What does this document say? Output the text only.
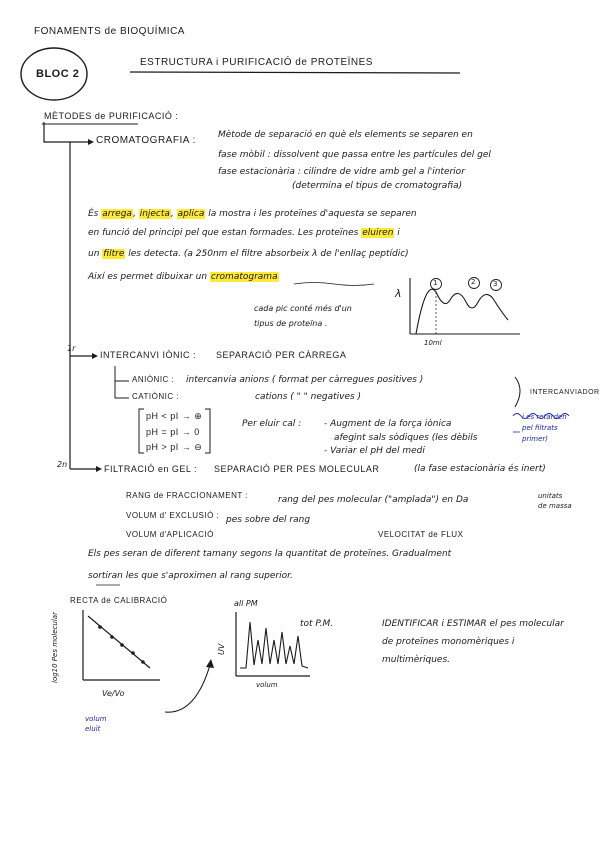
FONAMENTS de BIOQUÍMICA
BLOC 2
ESTRUCTURA i PURIFICACIÓ de PROTEÏNES
MÈTODES de PURIFICACIÓ :
CROMATOGRAFIA : Mètode de separació en què els elements se separen en
fase mòbil : dissolvent que passa entre les partícules del gel
fase estacionària : cilindre de vidre amb gel a l'interior
(determina el tipus de cromatografia)
És arrega, injecta, aplica la mostra i les proteïnes d'aquesta se separen
en funció del principi pel que estan formades. Les proteïnes eluiren i
un filtre les detecta. (a 250nm el filtre absorbeix λ de l'enllaç peptídic)
Així es permet dibuixar un cromatograma
cada pic conté més d'un
tipus de proteïna .
λ
10ml
1	2	3
1r
INTERCANVI IÒNIC : SEPARACIÓ PER CÀRREGA
ANIÒNIC : intercanvia anions ( format per càrregues positives )
CATIÒNIC :	cations ( " " negatives )	INTERCANVIADOR
pH < pI → ⊕
pH = pI → 0
pH > pI → ⊖
Per eluir cal :	- Augment de la força iònica
afegint sals sòdiques (les dèbils
- Variar el pH del medi
i es retarden
pel filtrats
primer)
2n	FILTRACIÓ en GEL : SEPARACIÓ PER PES MOLECULAR	(la fase estacionària és inert)
RANG de FRACCIONAMENT :	rang del pes molecular ("amplada") en Da	unitats
de massa
VOLUM d' EXCLUSIÓ : pes sobre del rang
VOLUM d'APLICACIÓ	VELOCITAT de FLUX
Els pes seran de diferent tamany segons la quantitat de proteïnes. Gradualment
sortiran les que s'aproximen al rang superior.
RECTA de CALIBRACIÓ
log10 Pes molecular
Ve/Vo
volum
eluït
all PM
UV
volum
tot P.M.	IDENTIFICAR i ESTIMAR el pes molecular
de proteïnes monomèriques i
multimèriques.
